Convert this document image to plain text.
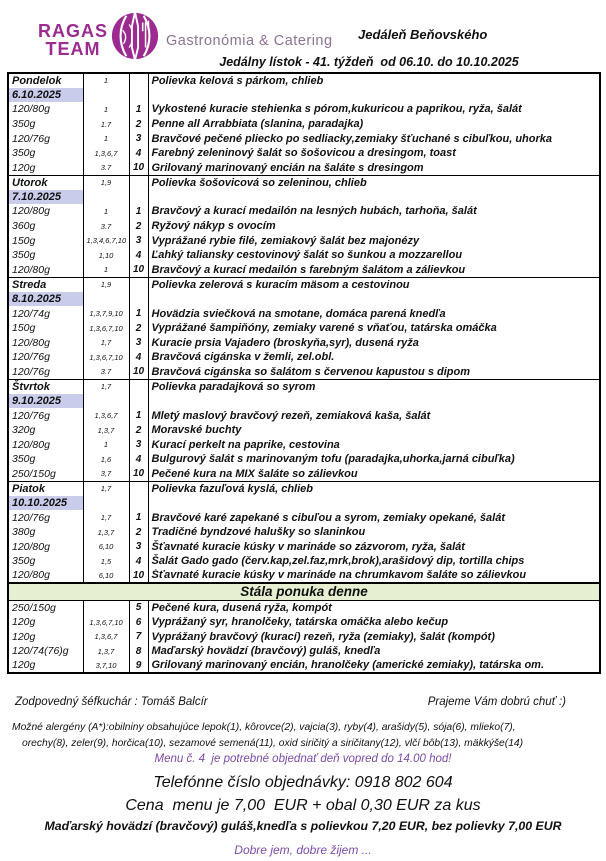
RAGAS
TEAM	Gastronómia & Catering Jedáleň Beňovského
Jedálny lístok - 41. týždeň  od 06.10. do 10.10.2025
Pondelok	1		Polievka kelová s párkom, chlieb
6.10.2025			
120/80g	1	1	Vykostené kuracie stehienka s pórom,kukuricou a paprikou, ryža, šalát
350g	1.7	2	Penne all Arrabbiata (slanina, paradajka)
120/76g	1	3	Bravčové pečené pliecko po sedliacky,zemiaky šťuchané s cibuľkou, uhorka
350g	1,3,6,7	4	Farebný zeleninový šalát so šošovicou a dresingom, toast
120g	3.7	10	Grilovaný marinovaný encián na šaláte s dresingom
Utorok	1,9		Polievka šošovicová so zeleninou, chlieb
7.10.2025			
120/80g	1	1	Bravčový a kurací medailón na lesných hubách, tarhoňa, šalát
360g	3.7	2	Ryžový nákyp s ovocím
150g	1,3,4,6,7,10	3	Vyprážané rybie filé, zemiakový šalát bez majonézy
350g	1,10	4	Ľahký taliansky cestovinový šalát so šunkou a mozzarellou
120/80g	1	10	Bravčový a kurací medailón s farebným šalátom a zálievkou
Streda	1,9		Polievka zelerová s kuracím mäsom a cestovinou
8.10.2025			
120/74g	1,3,7,9,10	1	Hovädzia sviečková na smotane, domáca parená knedľa
150g	1,3,6,7,10	2	Vyprážané šampiňóny, zemiaky varené s vňaťou, tatárska omáčka
120/80g	1,7	3	Kuracie prsia Vajadero (broskyňa,syr), dusená ryža
120/76g	1,3,6,7,10	4	Bravčová cigánska v žemli, zel.obl.
120/76g	3.7	10	Bravčová cigánska so šalátom s červenou kapustou s dipom
Štvrtok	1,7		Polievka paradajková so syrom
9.10.2025			
120/76g	1,3,6,7	1	Mletý maslový bravčový rezeň, zemiaková kaša, šalát
320g	1,3,7	2	Moravské buchty
120/80g	1	3	Kurací perkelt na paprike, cestovina
350g	1,6	4	Bulgurový šalát s marinovaným tofu (paradajka,uhorka,jarná cibuľka)
250/150g	3,7	10	Pečené kura na MIX šaláte so zálievkou
Piatok	1,7		Polievka fazuľová kyslá, chlieb
10.10.2025			
120/76g	1,7	1	Bravčové karé zapekané s cibuľou a syrom, zemiaky opekané, šalát
380g	1,3,7	2	Tradičné byndzové halušky so slaninkou
120/80g	6,10	3	Šťavnaté kuracie kúsky v marináde so zázvorom, ryža, šalát
350g	1,5	4	Šalát Gado gado (červ.kap,zel.faz,mrk,brok),arašidový dip, tortilla chips
120/80g	6,10	10	Šťavnaté kuracie kúsky v marináde na chrumkavom šaláte so zálievkou
Stála ponuka denne			
250/150g		5	Pečené kura, dusená ryža, kompót
120g	1,3,6,7,10	6	Vyprážaný syr, hranolčeky, tatárska omáčka alebo kečup
120g	1,3,6,7	7	Vyprážaný bravčový (kurací) rezeň, ryža (zemiaky), šalát (kompót)
120/74(76)g	1,3,7	8	Maďarský hovädzí (bravčový) guláš, knedľa
120g	3,7,10	9	Grilovaný marinovaný encián, hranolčeky (americké zemiaky), tatárska om.
Zodpovedný šéfkuchár : Tomáš Balcír	Prajeme Vám dobrú chuť :)
Možné alergény (A*):obilniny obsahujúce lepok(1), kôrovce(2), vajcia(3), ryby(4), arašidy(5), sója(6), mlieko(7),
orechy(8), zeler(9), horčica(10), sezamové semená(11), oxid siričitý a siričitany(12), vlčí bôb(13), mäkkýše(14)
Menu č. 4  je potrebné objednať deň vopred do 14.00 hod!
Telefónne číslo objednávky: 0918 802 604
Cena  menu je 7,00  EUR + obal 0,30 EUR za kus
Maďarský hovädzí (bravčový) guláš,knedľa s polievkou 7,20 EUR, bez polievky 7,00 EUR
Dobre jem, dobre žijem ...
